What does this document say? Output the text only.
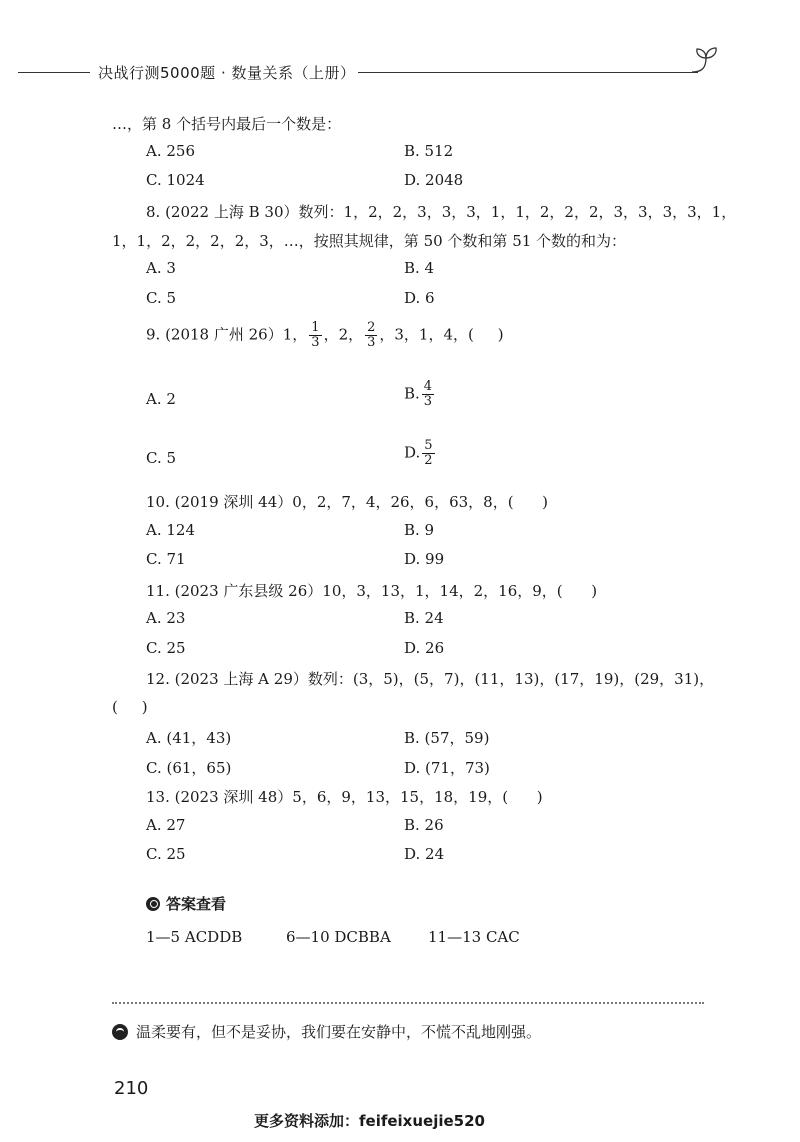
决战行测5000题 · 数量关系（上册）
…，第 8 个括号内最后一个数是：
A. 256	B. 512
C. 1024	D. 2048
8. (2022 上海 B 30）数列：1，2，2，3，3，3，1，1，2，2，2，3，3，3，3，1，
1，1，2，2，2，2，3，…，按照其规律，第 50 个数和第 51 个数的和为：
A. 3	B. 4
C. 5	D. 6
9. (2018 广州 26）1， $\frac{1}{3}$ ，2， $\frac{2}{3}$ ，3，1，4，(     )
A. 2	B. $\frac{4}{3}$
C. 5	D. $\frac{5}{2}$
10. (2019 深圳 44）0，2，7，4，26，6，63，8，(      )
A. 124	B. 9
C. 71	D. 99
11. (2023 广东县级 26）10，3，13，1，14，2，16，9，(      )
A. 23	B. 24
C. 25	D. 26
12. (2023 上海 A 29）数列：(3，5)，(5，7)，(11，13)，(17，19)，(29，31)，
(     )
A. (41，43)	B. (57，59)
C. (61，65)	D. (71，73)
13. (2023 深圳 48）5，6，9，13，15，18，19，(      )
A. 27	B. 26
C. 25	D. 24
答案查看
1—5 ACDDB	6—10 DCBBA 11—13 CAC
温柔要有，但不是妥协，我们要在安静中，不慌不乱地刚强。
210
更多资料添加：feifeixuejie520
